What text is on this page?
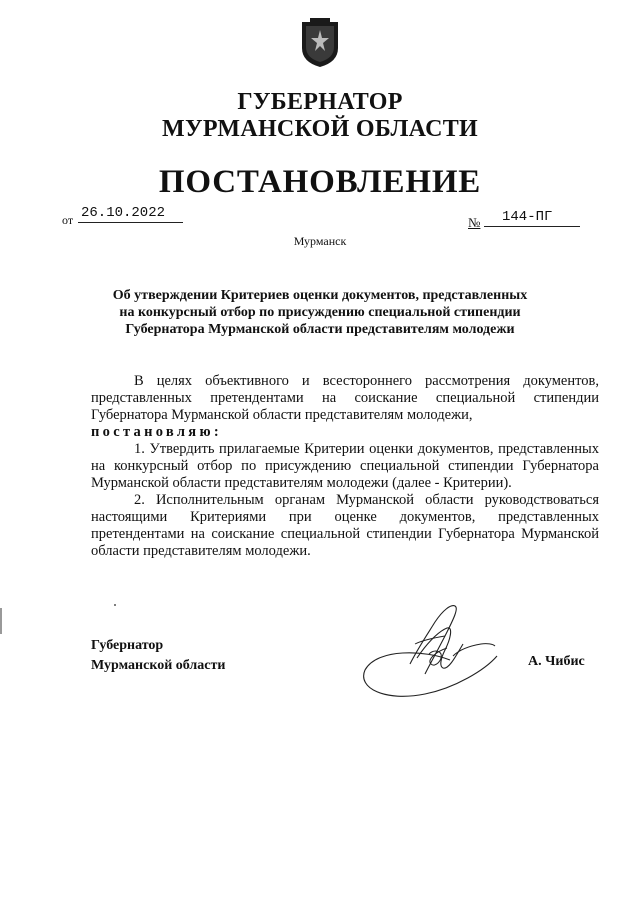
ГУБЕРНАТОР
МУРМАНСКОЙ ОБЛАСТИ
ПОСТАНОВЛЕНИЕ
от 26.10.2022
№	144-ПГ
Мурманск
Об утверждении Критериев оценки документов, представленных
на конкурсный отбор по присуждению специальной стипендии
Губернатора Мурманской области представителям молодежи

В целях объективного и всестороннего рассмотрения документов, представленных претендентами на соискание специальной стипендии Губернатора Мурманской области представителям молодежи,
постановляю:

1. Утвердить прилагаемые Критерии оценки документов, представленных на конкурсный отбор по присуждению специальной стипендии Губернатора Мурманской области представителям молодежи (далее - Критерии).

2. Исполнительным органам Мурманской области руководствоваться настоящими Критериями при оценке документов, представленных претендентами на соискание специальной стипендии Губернатора Мурманской области представителям молодежи.

Губернатор
Мурманской области	А. Чибис
